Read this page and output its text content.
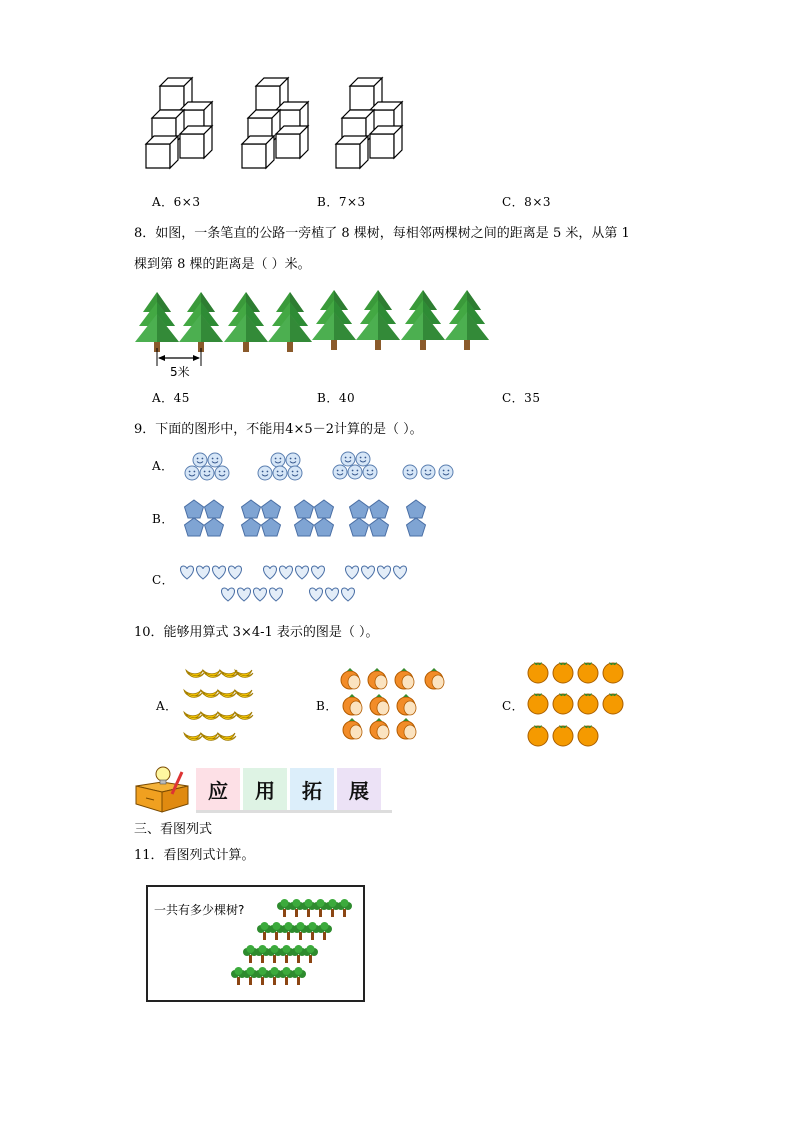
A．6×3	B．7×3	C．8×3
8．如图，一条笔直的公路一旁植了 8 棵树，每相邻两棵树之间的距离是 5 米，从第 1
棵到第 8 棵的距离是（ ）米。
5米
A．45	B．40	C．35
9．下面的图形中，不能用4×5－2计算的是（ ）。
A．
B．
C．
10．能够用算式 3×4-1 表示的图是（ ）。
A．	B．	C．
应	用	拓	展
三、看图列式
11．看图列式计算。
一共有多少棵树?
